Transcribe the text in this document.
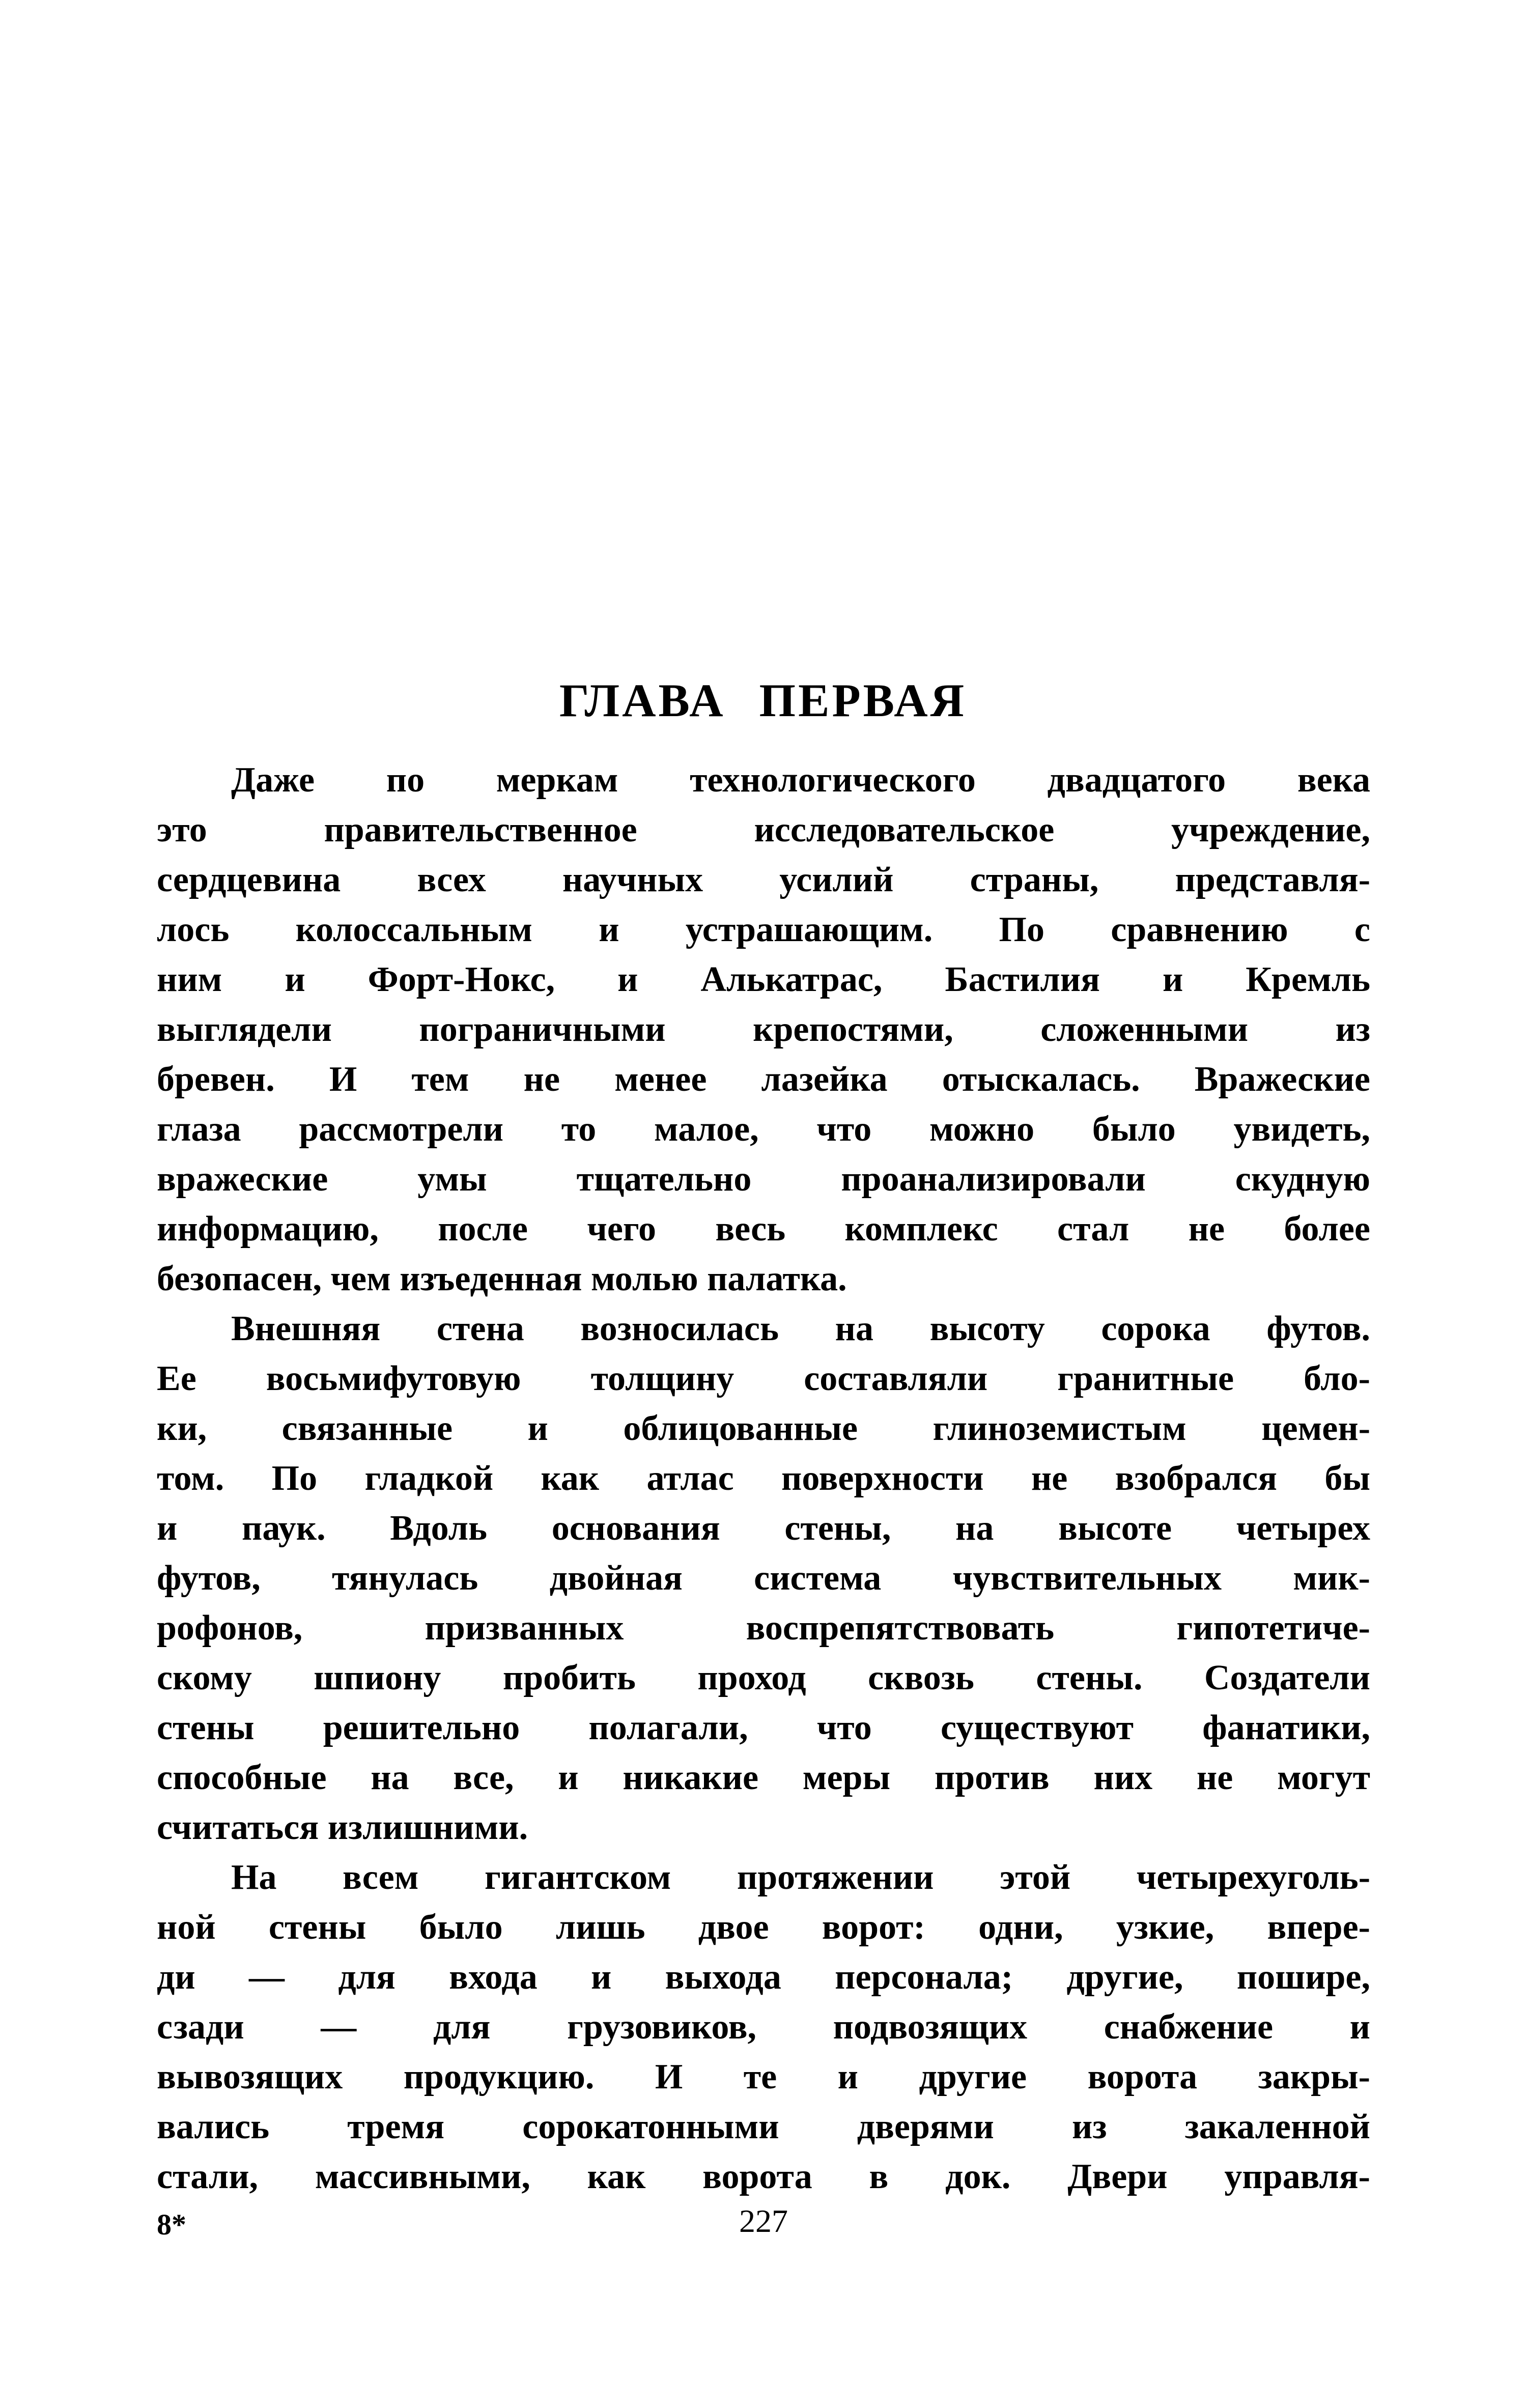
ГЛАВА ПЕРВАЯ
Даже по меркам технологического двадцатого века
это правительственное исследовательское учреждение,
сердцевина всех научных усилий страны, представля-
лось колоссальным и устрашающим. По сравнению с
ним и Форт-Нокс, и Алькатрас, Бастилия и Кремль
выглядели пограничными крепостями, сложенными из
бревен. И тем не менее лазейка отыскалась. Вражеские
глаза рассмотрели то малое, что можно было увидеть,
вражеские умы тщательно проанализировали скудную
информацию, после чего весь комплекс стал не более
безопасен, чем изъеденная молью палатка.
Внешняя стена возносилась на высоту сорока футов.
Ее восьмифутовую толщину составляли гранитные бло-
ки, связанные и облицованные глиноземистым цемен-
том. По гладкой как атлас поверхности не взобрался бы
и паук. Вдоль основания стены, на высоте четырех
футов, тянулась двойная система чувствительных мик-
рофонов, призванных воспрепятствовать гипотетиче-
скому шпиону пробить проход сквозь стены. Создатели
стены решительно полагали, что существуют фанатики,
способные на все, и никакие меры против них не могут
считаться излишними.
На всем гигантском протяжении этой четырехуголь-
ной стены было лишь двое ворот: одни, узкие, впере-
ди — для входа и выхода персонала; другие, пошире,
сзади — для грузовиков, подвозящих снабжение и
вывозящих продукцию. И те и другие ворота закры-
вались тремя сорокатонными дверями из закаленной
стали, массивными, как ворота в док. Двери управля-
8*	227
